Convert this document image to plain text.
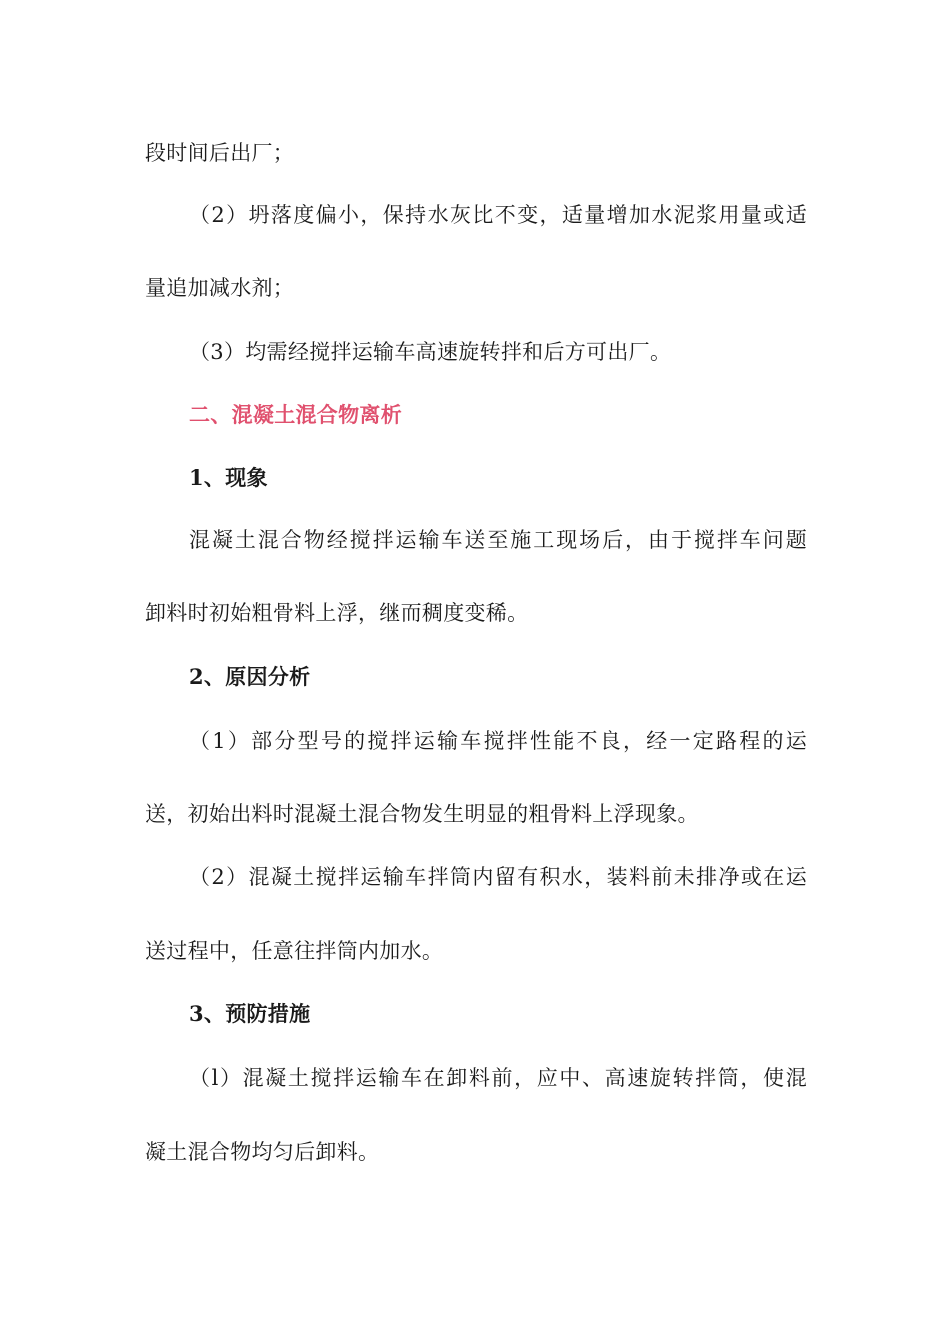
段时间后出厂；
（2）坍落度偏小，保持水灰比不变，适量增加水泥浆用量或适
量追加减水剂；
（3）均需经搅拌运输车高速旋转拌和后方可出厂。
二、混凝土混合物离析
1、现象
混凝土混合物经搅拌运输车送至施工现场后，由于搅拌车问题
卸料时初始粗骨料上浮，继而稠度变稀。
2、原因分析
（1）部分型号的搅拌运输车搅拌性能不良，经一定路程的运
送，初始出料时混凝土混合物发生明显的粗骨料上浮现象。
（2）混凝土搅拌运输车拌筒内留有积水，装料前未排净或在运
送过程中，任意往拌筒内加水。
3、预防措施
（l）混凝土搅拌运输车在卸料前，应中、高速旋转拌筒，使混
凝土混合物均匀后卸料。
